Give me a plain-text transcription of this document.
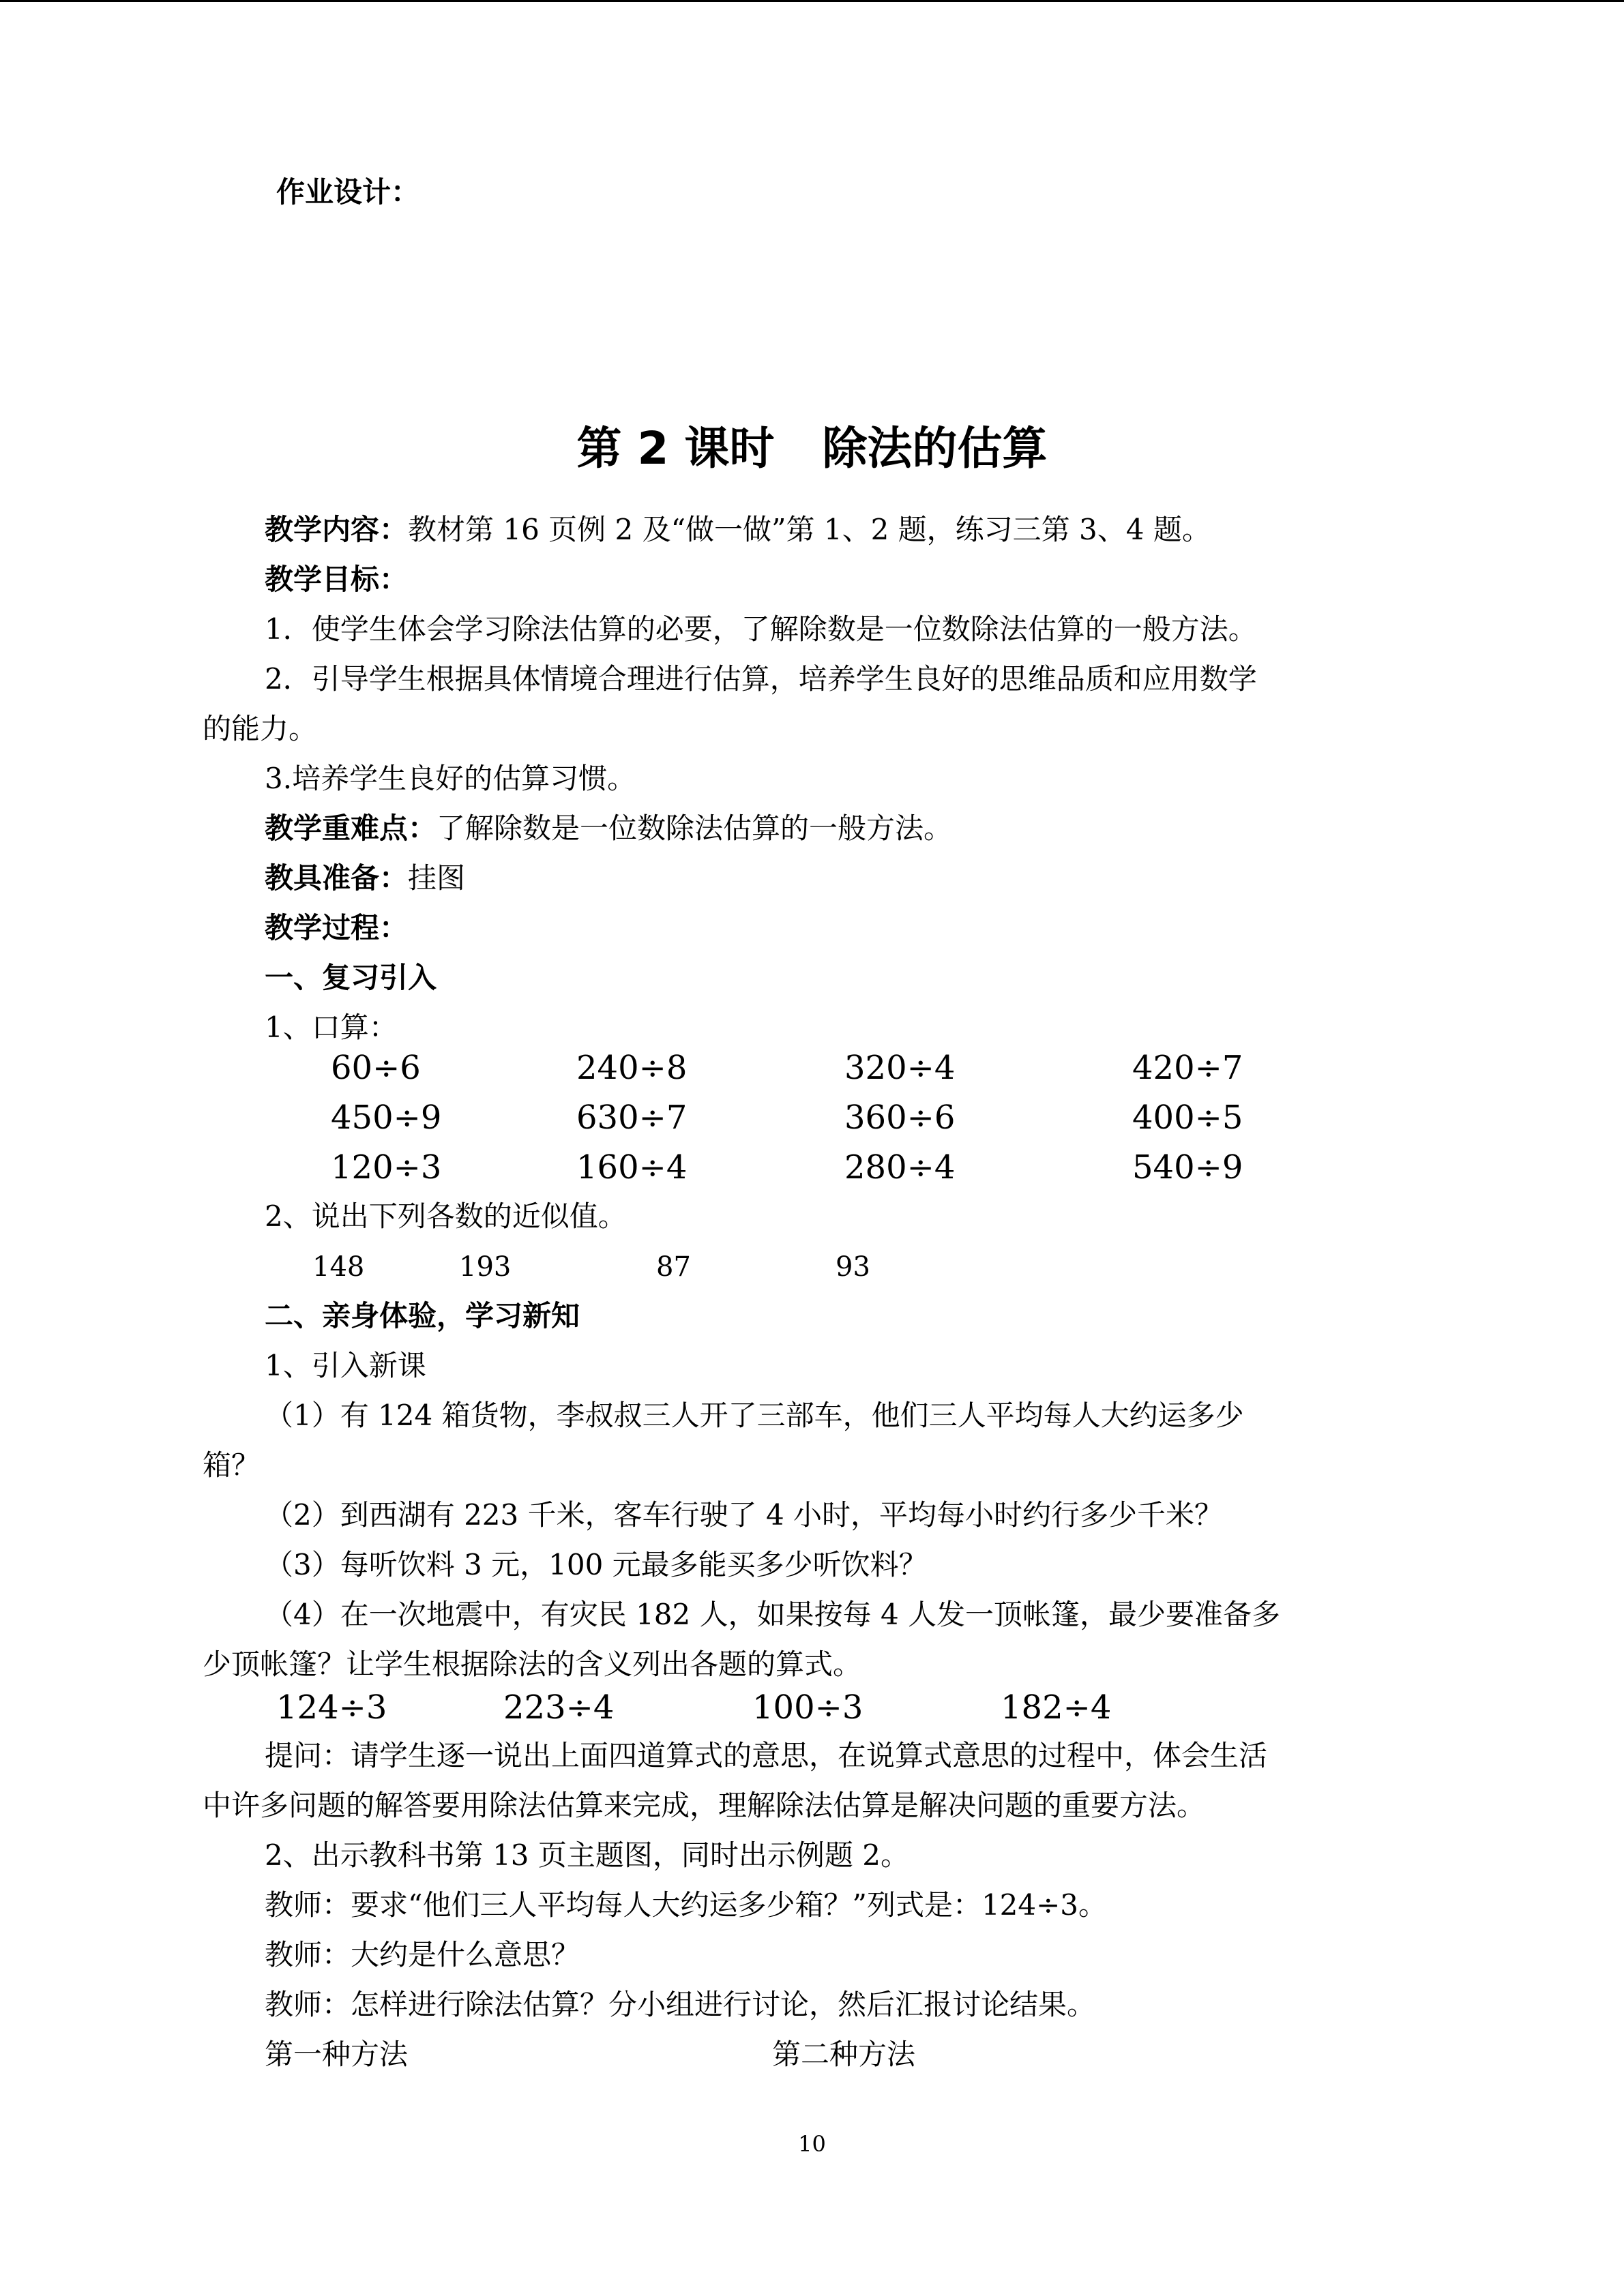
作业设计：
第 2 课时 除法的估算
教学内容：教材第 16 页例 2 及“做一做”第 1、2 题，练习三第 3、4 题。
教学目标：
1．使学生体会学习除法估算的必要，了解除数是一位数除法估算的一般方法。
2．引导学生根据具体情境合理进行估算，培养学生良好的思维品质和应用数学
的能力。
3.培养学生良好的估算习惯。
教学重难点：了解除数是一位数除法估算的一般方法。
教具准备：挂图
教学过程：
一、复习引入
1、口算：
60÷6	240÷8	320÷4	420÷7
450÷9	630÷7	360÷6	400÷5
120÷3	160÷4	280÷4	540÷9
2、说出下列各数的近似值。
148	193	87	93
二、亲身体验，学习新知
1、引入新课
（1）有 124 箱货物，李叔叔三人开了三部车，他们三人平均每人大约运多少
箱？
（2）到西湖有 223 千米，客车行驶了 4 小时，平均每小时约行多少千米？
（3）每听饮料 3 元，100 元最多能买多少听饮料？
（4）在一次地震中，有灾民 182 人，如果按每 4 人发一顶帐篷，最少要准备多
少顶帐篷？让学生根据除法的含义列出各题的算式。
124÷3	223÷4	100÷3	182÷4
提问：请学生逐一说出上面四道算式的意思，在说算式意思的过程中，体会生活
中许多问题的解答要用除法估算来完成，理解除法估算是解决问题的重要方法。
2、出示教科书第 13 页主题图，同时出示例题 2。
教师：要求“他们三人平均每人大约运多少箱？”列式是：124÷3。
教师：大约是什么意思？
教师：怎样进行除法估算？分小组进行讨论，然后汇报讨论结果。
第一种方法	第二种方法
10
